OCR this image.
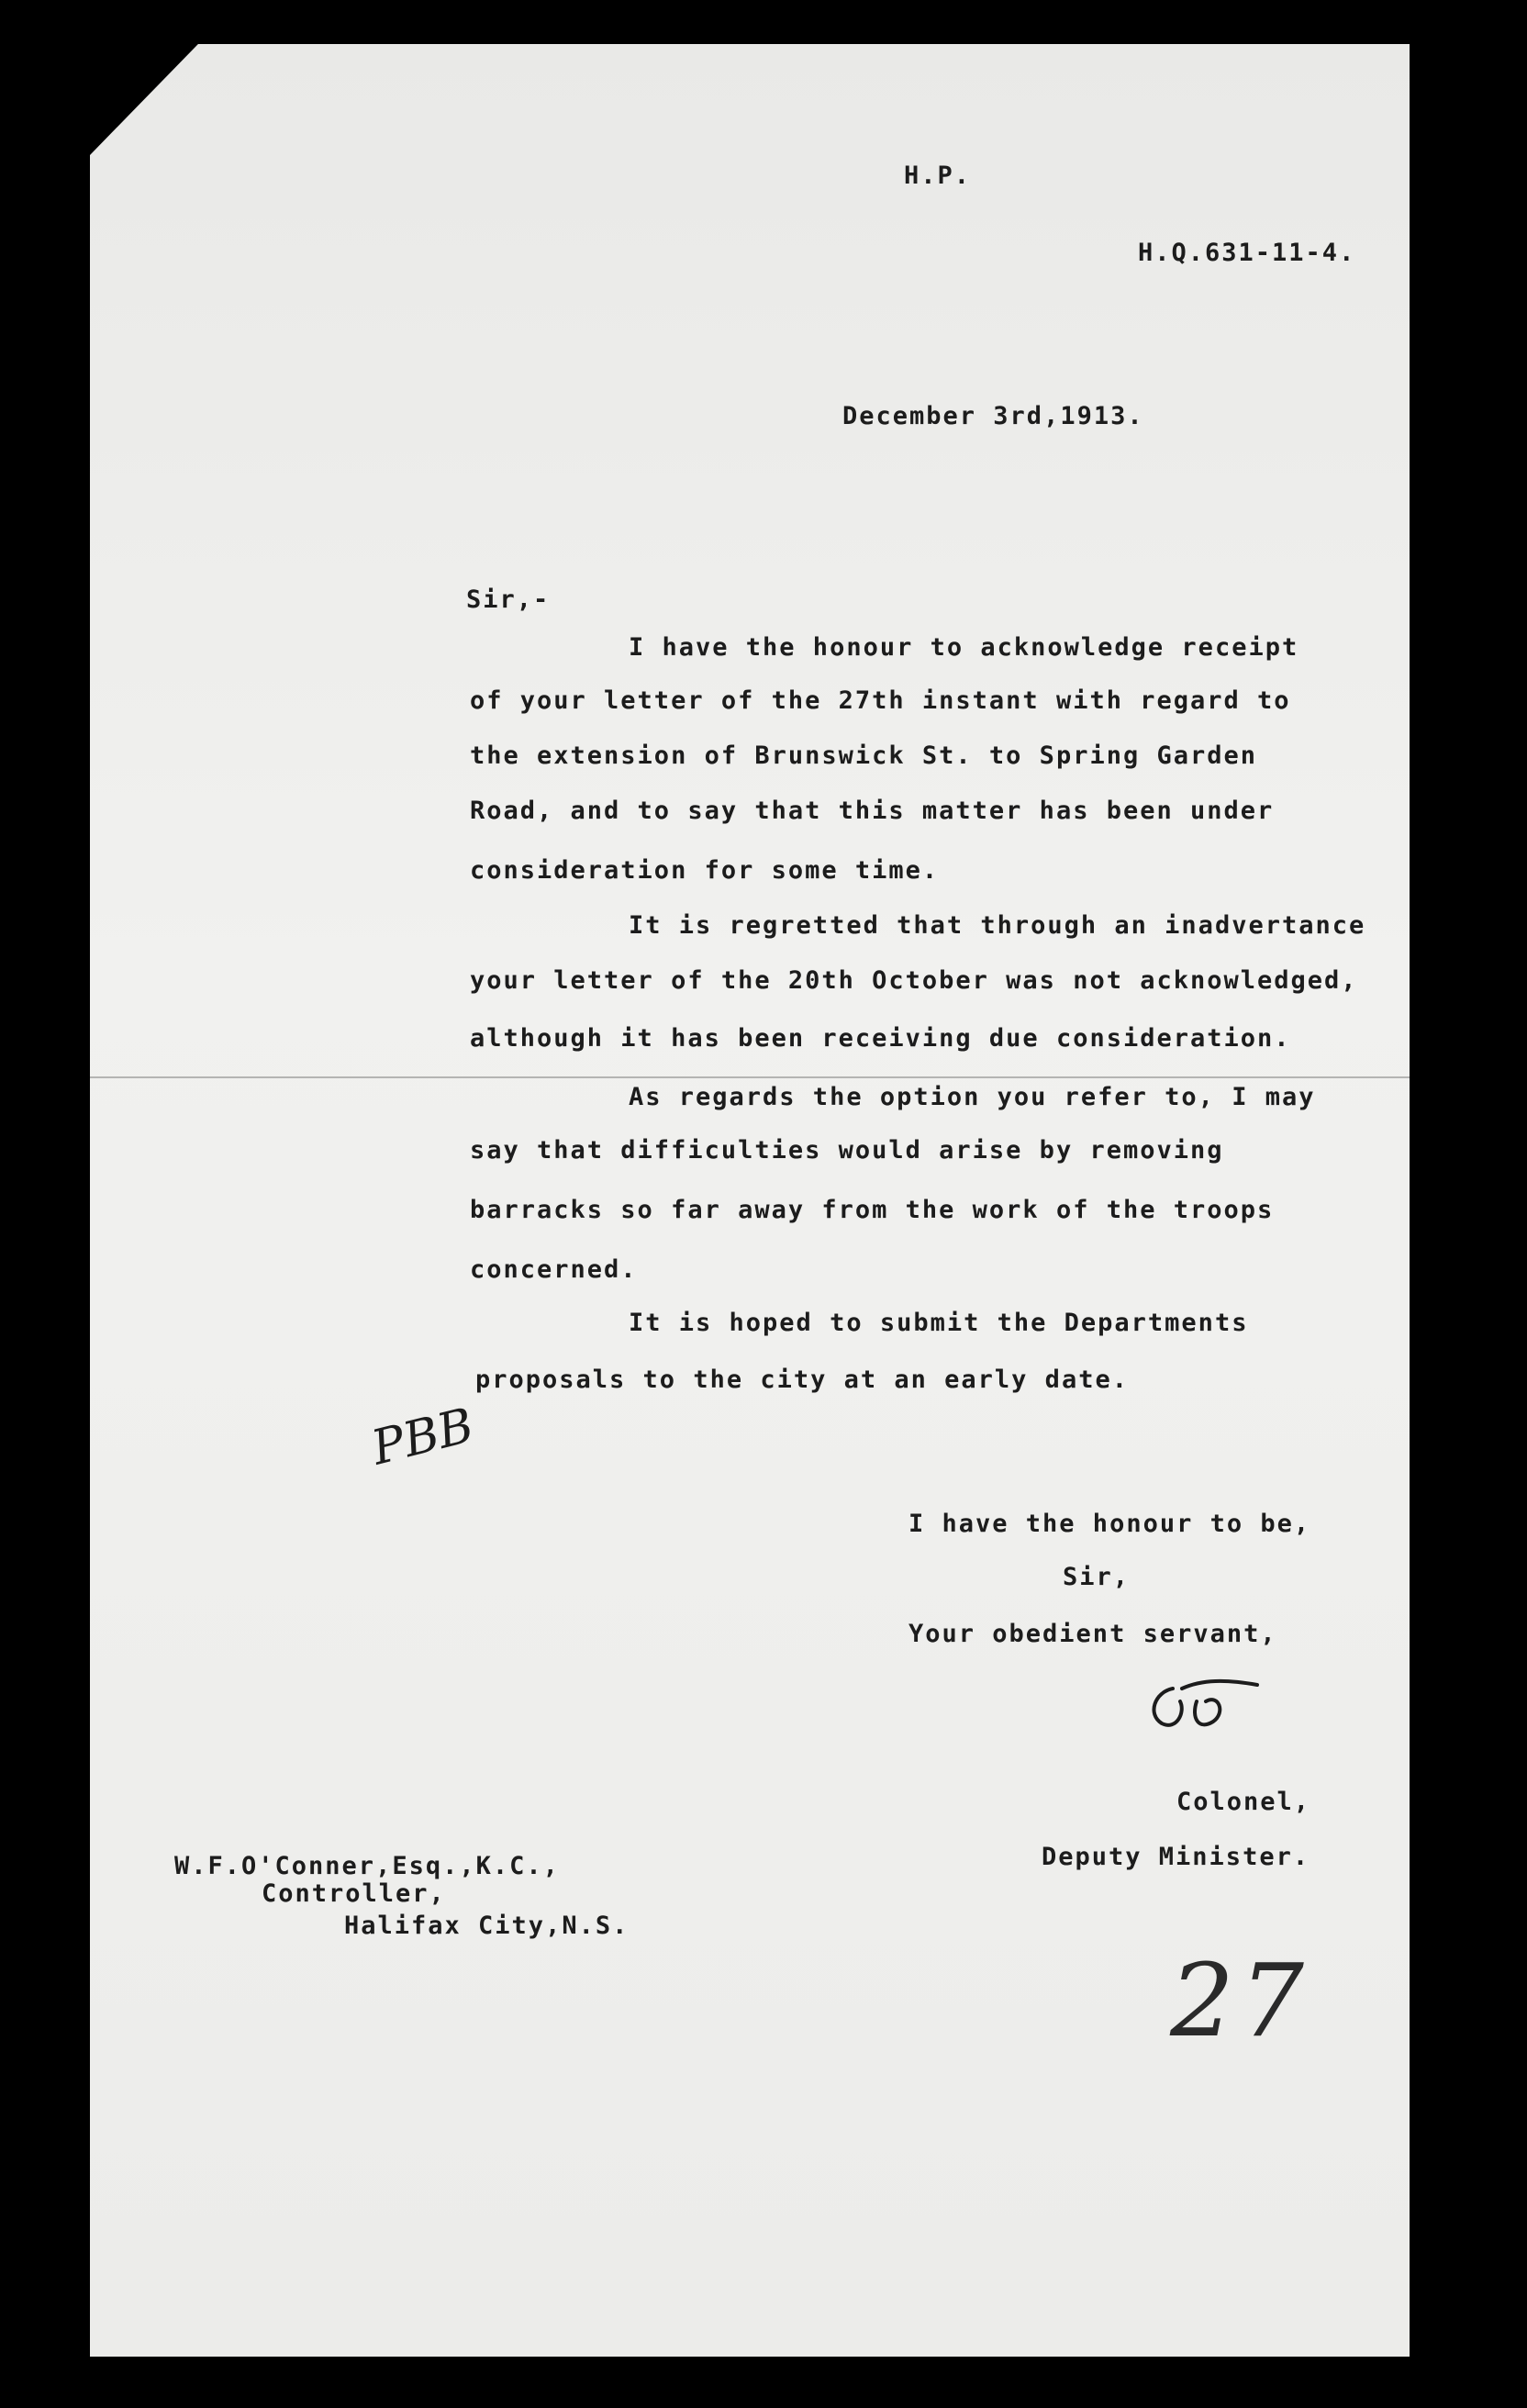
H.P.
H.Q.631-11-4.
December 3rd,1913.
Sir,-
I have the honour to acknowledge receipt
of your letter of the 27th instant with regard to
the extension of Brunswick St. to Spring Garden
Road, and to say that this matter has been under
consideration for some time.
It is regretted that through an inadvertance
your letter of the 20th October was not acknowledged,
although it has been receiving due consideration.
As regards the option you refer to, I may
say that difficulties would arise by removing
barracks so far away from the work of the troops
concerned.
It is hoped to submit the Departments
proposals to the city at an early date.
PBB
I have the honour to be,
Sir,
Your obedient servant,
Colonel,
Deputy Minister.
W.F.O'Conner,Esq.,K.C.,
Controller,
Halifax City,N.S.
27
